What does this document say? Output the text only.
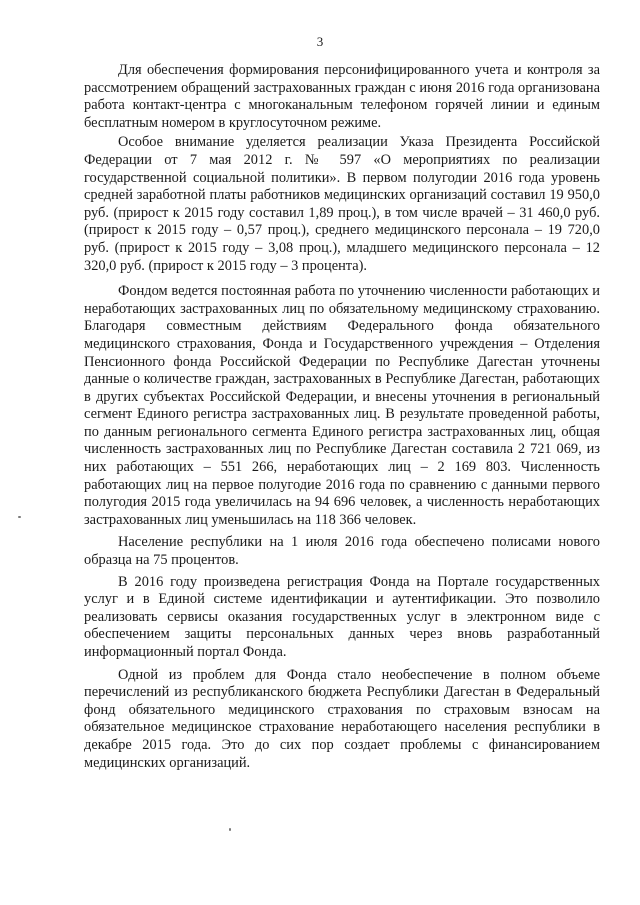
3

Для обеспечения формирования персонифицированного учета и контроля за рассмотрением обращений застрахованных граждан с июня 2016 года организована работа контакт-центра с многоканальным телефоном горячей линии и единым бесплатным номером в круглосуточном режиме.

Особое внимание уделяется реализации Указа Президента Российской Федерации от 7 мая 2012 г. № 597 «О мероприятиях по реализации государственной социальной политики». В первом полугодии 2016 года уровень средней заработной платы работников медицинских организаций составил 19 950,0 руб. (прирост к 2015 году составил 1,89 проц.), в том числе врачей – 31 460,0 руб. (прирост к 2015 году – 0,57 проц.), среднего медицинского персонала – 19 720,0 руб. (прирост к 2015 году – 3,08 проц.), младшего медицинского персонала – 12 320,0 руб. (прирост к 2015 году – 3 процента).

Фондом ведется постоянная работа по уточнению численности работающих и неработающих застрахованных лиц по обязательному медицинскому страхованию. Благодаря совместным действиям Федерального фонда обязательного медицинского страхования, Фонда и Государственного учреждения – Отделения Пенсионного фонда Российской Федерации по Республике Дагестан уточнены данные о количестве граждан, застрахованных в Республике Дагестан, работающих в других субъектах Российской Федерации, и внесены уточнения в региональный сегмент Единого регистра застрахованных лиц. В результате проведенной работы, по данным регионального сегмента Единого регистра застрахованных лиц, общая численность застрахованных лиц по Республике Дагестан составила 2 721 069, из них работающих – 551 266, неработающих лиц – 2 169 803. Численность работающих лиц на первое полугодие 2016 года по сравнению с данными первого полугодия 2015 года увеличилась на 94 696 человек, а численность неработающих застрахованных лиц уменьшилась на 118 366 человек.

Население республики на 1 июля 2016 года обеспечено полисами нового образца на 75 процентов.

В 2016 году произведена регистрация Фонда на Портале государственных услуг и в Единой системе идентификации и аутентификации. Это позволило реализовать сервисы оказания государственных услуг в электронном виде с обеспечением защиты персональных данных через вновь разработанный информационный портал Фонда.

Одной из проблем для Фонда стало необеспечение в полном объеме перечислений из республиканского бюджета Республики Дагестан в Федеральный фонд обязательного медицинского страхования по страховым взносам на обязательное медицинское страхование неработающего населения республики в декабре 2015 года. Это до сих пор создает проблемы с финансированием медицинских организаций.
